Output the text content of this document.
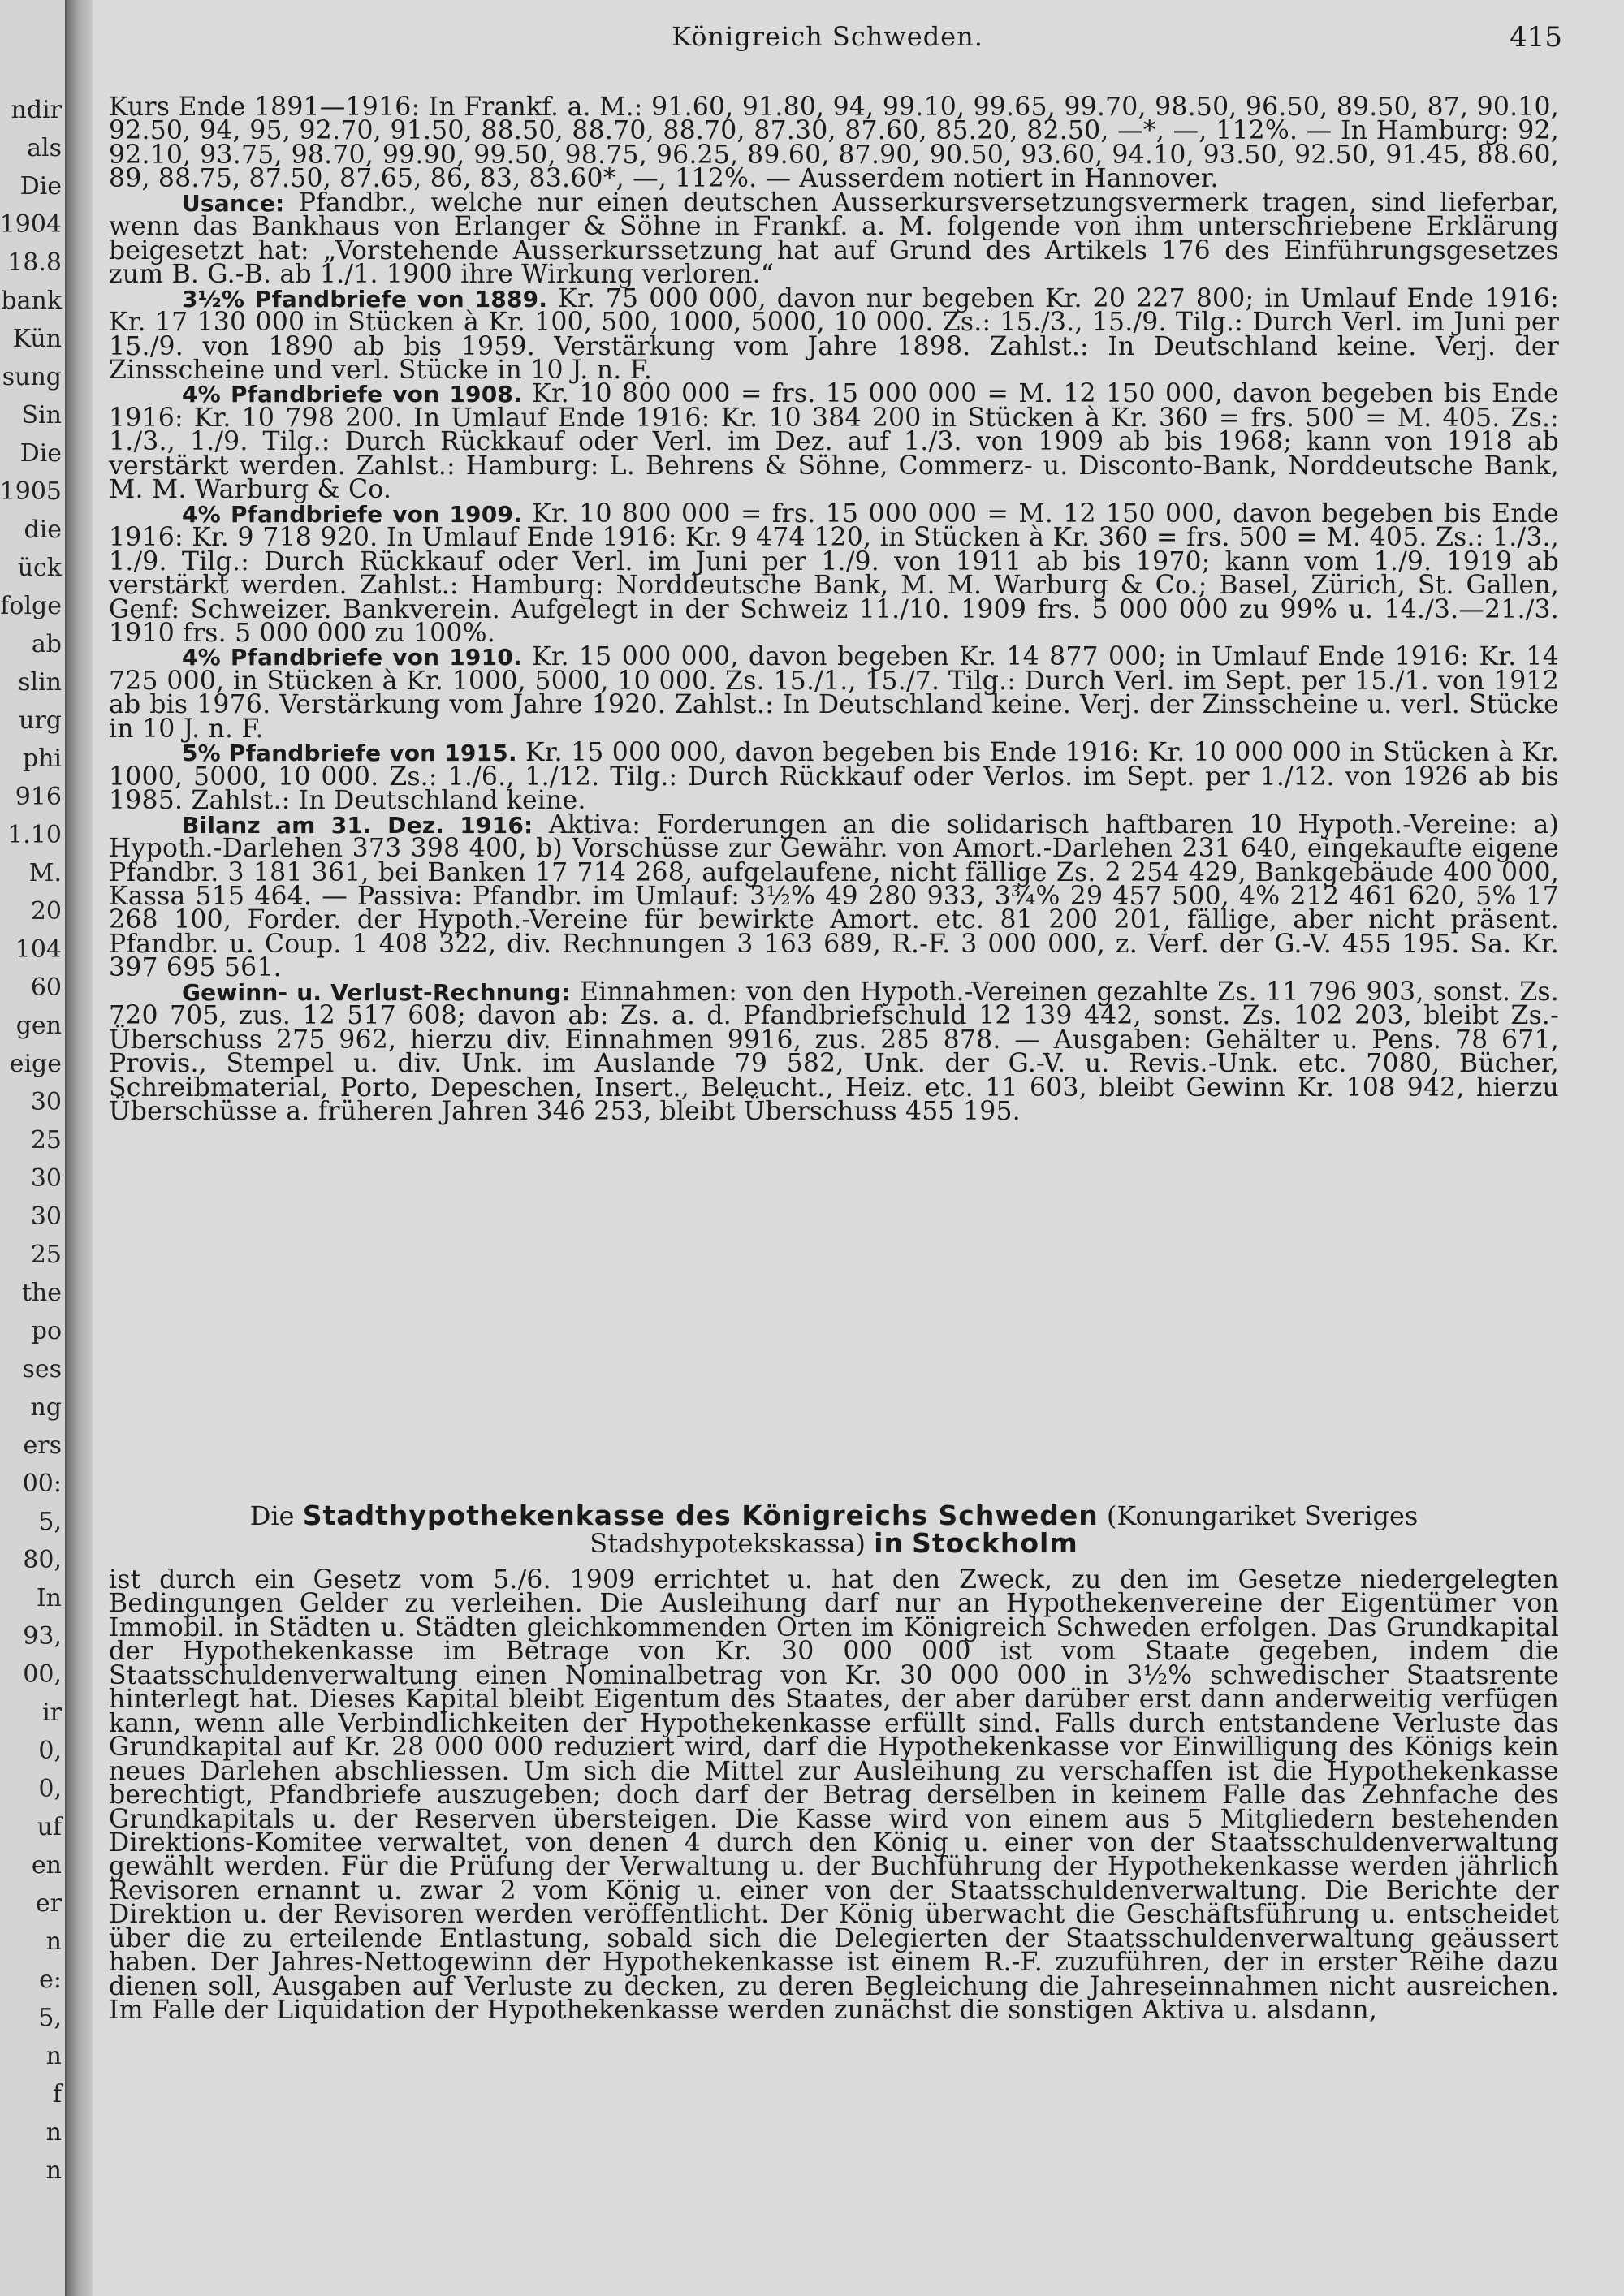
ndir
als
Die
1904
18.8
bank
Kün
sung
Sin
Die
1905
die
ück
folge
ab
slin
urg
phi
916
1.10
M.
20
104
60
gen
eige
30
25
30
30
25
the
po
ses
ng
ers
00:
5,
80,
In
93,
00,
ir
0,
0,
uf
en
er
n
e:
5,
n
f
n
n
Königreich Schweden.	415

Kurs Ende 1891—1916: In Frankf. a. M.: 91.60, 91.80, 94, 99.10, 99.65, 99.70, 98.50, 96.50, 89.50, 87, 90.10, 92.50, 94, 95, 92.70, 91.50, 88.50, 88.70, 88.70, 87.30, 87.60, 85.20, 82.50, —*, —, 112%. — In Hamburg: 92, 92.10, 93.75, 98.70, 99.90, 99.50, 98.75, 96.25, 89.60, 87.90, 90.50, 93.60, 94.10, 93.50, 92.50, 91.45, 88.60, 89, 88.75, 87.50, 87.65, 86, 83, 83.60*, —, 112%. — Ausserdem notiert in Hannover.

Usance: Pfandbr., welche nur einen deutschen Ausserkursversetzungsvermerk tragen, sind lieferbar, wenn das Bankhaus von Erlanger & Söhne in Frankf. a. M. folgende von ihm unterschriebene Erklärung beigesetzt hat: „Vorstehende Ausserkurssetzung hat auf Grund des Artikels 176 des Einführungsgesetzes zum B. G.-B. ab 1./1. 1900 ihre Wirkung verloren.“

3½% Pfandbriefe von 1889. Kr. 75 000 000, davon nur begeben Kr. 20 227 800; in Umlauf Ende 1916: Kr. 17 130 000 in Stücken à Kr. 100, 500, 1000, 5000, 10 000. Zs.: 15./3., 15./9. Tilg.: Durch Verl. im Juni per 15./9. von 1890 ab bis 1959. Verstärkung vom Jahre 1898. Zahlst.: In Deutschland keine. Verj. der Zinsscheine und verl. Stücke in 10 J. n. F.

4% Pfandbriefe von 1908. Kr. 10 800 000 = frs. 15 000 000 = M. 12 150 000, davon begeben bis Ende 1916: Kr. 10 798 200. In Umlauf Ende 1916: Kr. 10 384 200 in Stücken à Kr. 360 = frs. 500 = M. 405. Zs.: 1./3., 1./9. Tilg.: Durch Rückkauf oder Verl. im Dez. auf 1./3. von 1909 ab bis 1968; kann von 1918 ab verstärkt werden. Zahlst.: Hamburg: L. Behrens & Söhne, Commerz- u. Disconto-Bank, Norddeutsche Bank, M. M. Warburg & Co.

4% Pfandbriefe von 1909. Kr. 10 800 000 = frs. 15 000 000 = M. 12 150 000, davon begeben bis Ende 1916: Kr. 9 718 920. In Umlauf Ende 1916: Kr. 9 474 120, in Stücken à Kr. 360 = frs. 500 = M. 405. Zs.: 1./3., 1./9. Tilg.: Durch Rückkauf oder Verl. im Juni per 1./9. von 1911 ab bis 1970; kann vom 1./9. 1919 ab verstärkt werden. Zahlst.: Hamburg: Norddeutsche Bank, M. M. Warburg & Co.; Basel, Zürich, St. Gallen, Genf: Schweizer. Bankverein. Aufgelegt in der Schweiz 11./10. 1909 frs. 5 000 000 zu 99% u. 14./3.—21./3. 1910 frs. 5 000 000 zu 100%.

4% Pfandbriefe von 1910. Kr. 15 000 000, davon begeben Kr. 14 877 000; in Umlauf Ende 1916: Kr. 14 725 000, in Stücken à Kr. 1000, 5000, 10 000. Zs. 15./1., 15./7. Tilg.: Durch Verl. im Sept. per 15./1. von 1912 ab bis 1976. Verstärkung vom Jahre 1920. Zahlst.: In Deutschland keine. Verj. der Zinsscheine u. verl. Stücke in 10 J. n. F.

5% Pfandbriefe von 1915. Kr. 15 000 000, davon begeben bis Ende 1916: Kr. 10 000 000 in Stücken à Kr. 1000, 5000, 10 000. Zs.: 1./6., 1./12. Tilg.: Durch Rückkauf oder Verlos. im Sept. per 1./12. von 1926 ab bis 1985. Zahlst.: In Deutschland keine.

Bilanz am 31. Dez. 1916: Aktiva: Forderungen an die solidarisch haftbaren 10 Hypoth.-Vereine: a) Hypoth.-Darlehen 373 398 400, b) Vorschüsse zur Gewähr. von Amort.-Darlehen 231 640, eingekaufte eigene Pfandbr. 3 181 361, bei Banken 17 714 268, aufgelaufene, nicht fällige Zs. 2 254 429, Bankgebäude 400 000, Kassa 515 464. — Passiva: Pfandbr. im Umlauf: 3½% 49 280 933, 3¾% 29 457 500, 4% 212 461 620, 5% 17 268 100, Forder. der Hypoth.-Vereine für bewirkte Amort. etc. 81 200 201, fällige, aber nicht präsent. Pfandbr. u. Coup. 1 408 322, div. Rechnungen 3 163 689, R.-F. 3 000 000, z. Verf. der G.-V. 455 195. Sa. Kr. 397 695 561.

Gewinn- u. Verlust-Rechnung: Einnahmen: von den Hypoth.-Vereinen gezahlte Zs. 11 796 903, sonst. Zs. 720 705, zus. 12 517 608; davon ab: Zs. a. d. Pfandbriefschuld 12 139 442, sonst. Zs. 102 203, bleibt Zs.-Überschuss 275 962, hierzu div. Einnahmen 9916, zus. 285 878. — Ausgaben: Gehälter u. Pens. 78 671, Provis., Stempel u. div. Unk. im Auslande 79 582, Unk. der G.-V. u. Revis.-Unk. etc. 7080, Bücher, Schreibmaterial, Porto, Depeschen, Insert., Beleucht., Heiz. etc. 11 603, bleibt Gewinn Kr. 108 942, hierzu Überschüsse a. früheren Jahren 346 253, bleibt Überschuss 455 195.

Die Stadthypothekenkasse des Königreichs Schweden (Konungariket Sveriges Stadshypotekskassa) in Stockholm

ist durch ein Gesetz vom 5./6. 1909 errichtet u. hat den Zweck, zu den im Gesetze niedergelegten Bedingungen Gelder zu verleihen. Die Ausleihung darf nur an Hypothekenvereine der Eigentümer von Immobil. in Städten u. Städten gleichkommenden Orten im Königreich Schweden erfolgen. Das Grundkapital der Hypothekenkasse im Betrage von Kr. 30 000 000 ist vom Staate gegeben, indem die Staatsschuldenverwaltung einen Nominalbetrag von Kr. 30 000 000 in 3½% schwedischer Staatsrente hinterlegt hat. Dieses Kapital bleibt Eigentum des Staates, der aber darüber erst dann anderweitig verfügen kann, wenn alle Verbindlichkeiten der Hypothekenkasse erfüllt sind. Falls durch entstandene Verluste das Grundkapital auf Kr. 28 000 000 reduziert wird, darf die Hypothekenkasse vor Einwilligung des Königs kein neues Darlehen abschliessen. Um sich die Mittel zur Ausleihung zu verschaffen ist die Hypothekenkasse berechtigt, Pfandbriefe auszugeben; doch darf der Betrag derselben in keinem Falle das Zehnfache des Grundkapitals u. der Reserven übersteigen. Die Kasse wird von einem aus 5 Mitgliedern bestehenden Direktions-Komitee verwaltet, von denen 4 durch den König u. einer von der Staatsschuldenverwaltung gewählt werden. Für die Prüfung der Verwaltung u. der Buchführung der Hypothekenkasse werden jährlich Revisoren ernannt u. zwar 2 vom König u. einer von der Staatsschuldenverwaltung. Die Berichte der Direktion u. der Revisoren werden veröffentlicht. Der König überwacht die Geschäftsführung u. entscheidet über die zu erteilende Entlastung, sobald sich die Delegierten der Staatsschuldenverwaltung geäussert haben. Der Jahres-Nettogewinn der Hypothekenkasse ist einem R.-F. zuzuführen, der in erster Reihe dazu dienen soll, Ausgaben auf Verluste zu decken, zu deren Begleichung die Jahreseinnahmen nicht ausreichen. Im Falle der Liquidation der Hypothekenkasse werden zunächst die sonstigen Aktiva u. alsdann,
